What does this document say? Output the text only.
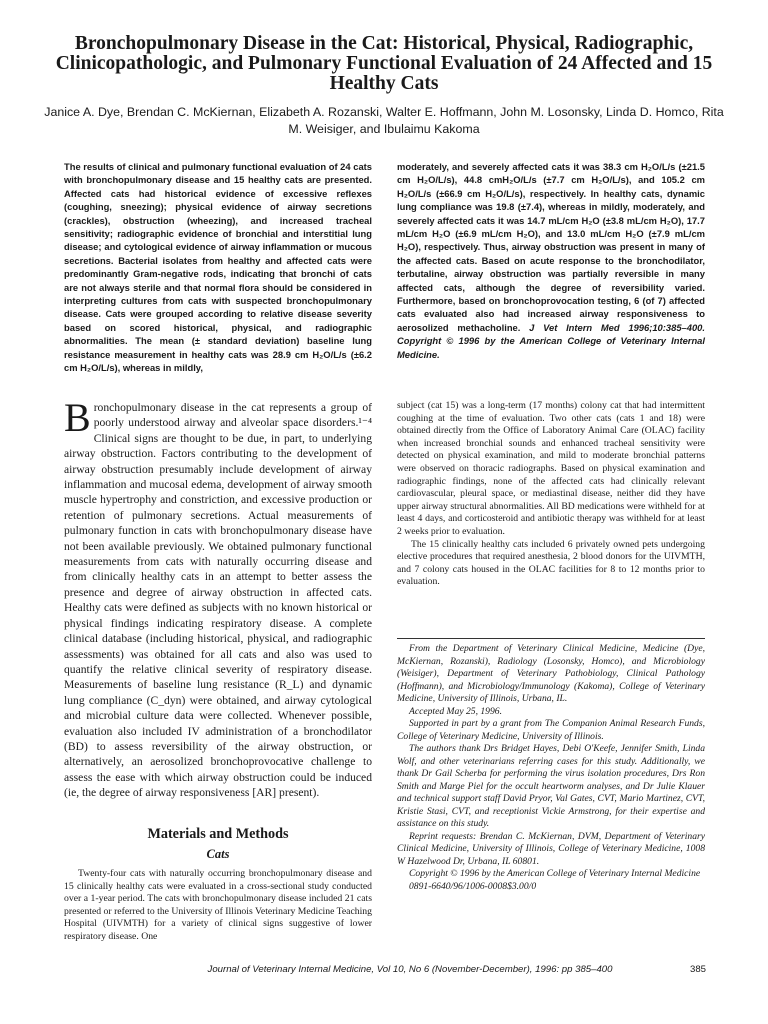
Bronchopulmonary Disease in the Cat: Historical, Physical, Radiographic, Clinicopathologic, and Pulmonary Functional Evaluation of 24 Affected and 15 Healthy Cats
Janice A. Dye, Brendan C. McKiernan, Elizabeth A. Rozanski, Walter E. Hoffmann, John M. Losonsky, Linda D. Homco, Rita M. Weisiger, and Ibulaimu Kakoma
The results of clinical and pulmonary functional evaluation of 24 cats with bronchopulmonary disease and 15 healthy cats are presented. Affected cats had historical evidence of excessive reflexes (coughing, sneezing); physical evidence of airway secretions (crackles), obstruction (wheezing), and increased tracheal sensitivity; radiographic evidence of bronchial and interstitial lung disease; and cytological evidence of airway inflammation or mucous secretions. Bacterial isolates from healthy and affected cats were predominantly Gram-negative rods, indicating that bronchi of cats are not always sterile and that normal flora should be considered in interpreting cultures from cats with suspected bronchopulmonary disease. Cats were grouped according to relative disease severity based on scored historical, physical, and radiographic abnormalities. The mean (± standard deviation) baseline lung resistance measurement in healthy cats was 28.9 cm H₂O/L/s (±6.2 cm H₂O/L/s), whereas in mildly,
moderately, and severely affected cats it was 38.3 cm H₂O/L/s (±21.5 cm H₂O/L/s), 44.8 cmH₂O/L/s (±7.7 cm H₂O/L/s), and 105.2 cm H₂O/L/s (±66.9 cm H₂O/L/s), respectively. In healthy cats, dynamic lung compliance was 19.8 (±7.4), whereas in mildly, moderately, and severely affected cats it was 14.7 mL/cm H₂O (±3.8 mL/cm H₂O), 17.7 mL/cm H₂O (±6.9 mL/cm H₂O), and 13.0 mL/cm H₂O (±7.9 mL/cm H₂O), respectively. Thus, airway obstruction was present in many of the affected cats. Based on acute response to the bronchodilator, terbutaline, airway obstruction was partially reversible in many affected cats, although the degree of reversibility varied. Furthermore, based on bronchoprovocation testing, 6 (of 7) affected cats evaluated also had increased airway responsiveness to aerosolized methacholine. J Vet Intern Med 1996;10:385–400. Copyright © 1996 by the American College of Veterinary Internal Medicine.
Bronchopulmonary disease in the cat represents a group of poorly understood airway and alveolar space disorders.¹⁻⁴ Clinical signs are thought to be due, in part, to underlying airway obstruction. Factors contributing to the development of airway obstruction presumably include development of airway inflammation and mucosal edema, development of airway smooth muscle hypertrophy and constriction, and excessive production or retention of pulmonary secretions. Actual measurements of pulmonary function in cats with bronchopulmonary disease have not been available previously. We obtained pulmonary functional measurements from cats with naturally occurring disease and from clinically healthy cats in an attempt to better assess the presence and degree of airway obstruction in affected cats. Healthy cats were defined as subjects with no known historical or physical findings indicating respiratory disease. A complete clinical database (including historical, physical, and radiographic assessments) was obtained for all cats and also was used to quantify the relative clinical severity of respiratory disease. Measurements of baseline lung resistance (R_L) and dynamic lung compliance (C_dyn) were obtained, and airway cytological and microbial culture data were collected. Whenever possible, evaluation also included IV administration of a bronchodilator (BD) to assess reversibility of the airway obstruction, or alternatively, an aerosolized bronchoprovocative challenge to assess the ease with which airway obstruction could be induced (ie, the degree of airway responsiveness [AR] present).
Materials and Methods
Cats
Twenty-four cats with naturally occurring bronchopulmonary disease and 15 clinically healthy cats were evaluated in a cross-sectional study conducted over a 1-year period. The cats with bronchopulmonary disease included 21 cats presented or referred to the University of Illinois Veterinary Medicine Teaching Hospital (UIVMTH) for a variety of clinical signs suggestive of lower respiratory disease. One

subject (cat 15) was a long-term (17 months) colony cat that had intermittent coughing at the time of evaluation. Two other cats (cats 1 and 18) were obtained directly from the Office of Laboratory Animal Care (OLAC) facility when increased bronchial sounds and enhanced tracheal sensitivity were detected on physical examination, and mild to moderate bronchial patterns were observed on thoracic radiographs. Based on physical examination and radiographic findings, none of the affected cats had clinically relevant cardiovascular, pleural space, or mediastinal disease, neither did they have upper airway structural abnormalities. All BD medications were withheld for at least 4 days, and corticosteroid and antibiotic therapy was withheld for at least 2 weeks prior to evaluation.

The 15 clinically healthy cats included 6 privately owned pets undergoing elective procedures that required anesthesia, 2 blood donors for the UIVMTH, and 7 colony cats housed in the OLAC facilities for 8 to 12 months prior to evaluation.

From the Department of Veterinary Clinical Medicine, Medicine (Dye, McKiernan, Rozanski), Radiology (Losonsky, Homco), and Microbiology (Weisiger), Department of Veterinary Pathobiology, Clinical Pathology (Hoffmann), and Microbiology/Immunology (Kakoma), College of Veterinary Medicine, University of Illinois, Urbana, IL.

Accepted May 25, 1996.

Supported in part by a grant from The Companion Animal Research Funds, College of Veterinary Medicine, University of Illinois.

The authors thank Drs Bridget Hayes, Debi O'Keefe, Jennifer Smith, Linda Wolf, and other veterinarians referring cases for this study. Additionally, we thank Dr Gail Scherba for performing the virus isolation procedures, Drs Ron Smith and Marge Piel for the occult heartworm analyses, and Dr Julie Klauer and technical support staff David Pryor, Val Gates, CVT, Mario Martinez, CVT, Kristie Stasi, CVT, and receptionist Vickie Armstrong, for their expertise and assistance on this study.

Reprint requests: Brendan C. McKiernan, DVM, Department of Veterinary Clinical Medicine, University of Illinois, College of Veterinary Medicine, 1008 W Hazelwood Dr, Urbana, IL 60801.

Copyright © 1996 by the American College of Veterinary Internal Medicine

0891-6640/96/1006-0008$3.00/0

Journal of Veterinary Internal Medicine, Vol 10, No 6 (November-December), 1996: pp 385–400	385
